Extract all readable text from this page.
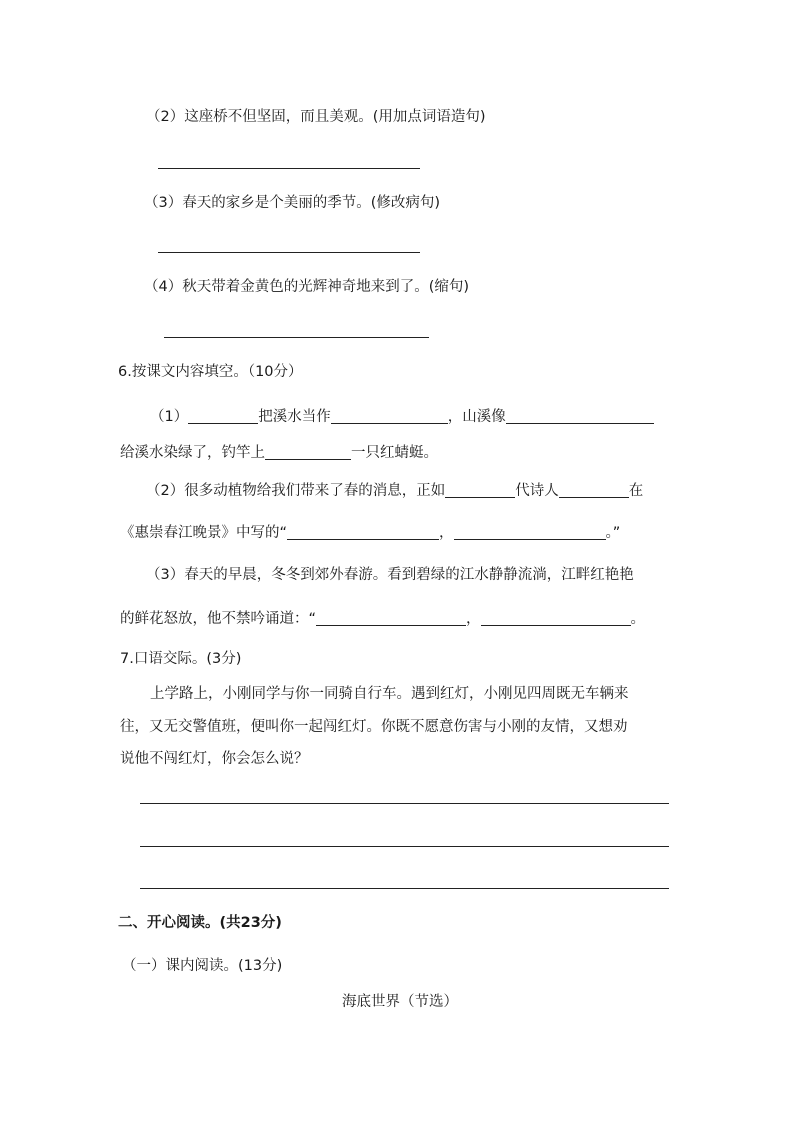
（2）这座桥不但坚固，而且美观。(用加点词语造句)
（3）春天的家乡是个美丽的季节。(修改病句)
（4）秋天带着金黄色的光辉神奇地来到了。(缩句)
6.按课文内容填空。（10分）
（1）	把溪水当作	，山溪像
给溪水染绿了，钓竿上	一只红蜻蜓。
（2）很多动植物给我们带来了春的消息，正如	代诗人	在
《惠崇春江晚景》中写的“	，	。”
（3）春天的早晨，冬冬到郊外春游。看到碧绿的江水静静流淌，江畔红艳艳
的鲜花怒放，他不禁吟诵道：“	，	。
7.口语交际。(3分)
上学路上，小刚同学与你一同骑自行车。遇到红灯，小刚见四周既无车辆来
往，又无交警值班，便叫你一起闯红灯。你既不愿意伤害与小刚的友情，又想劝
说他不闯红灯，你会怎么说？
二、开心阅读。(共23分)
（一）课内阅读。(13分)
海底世界（节选）
